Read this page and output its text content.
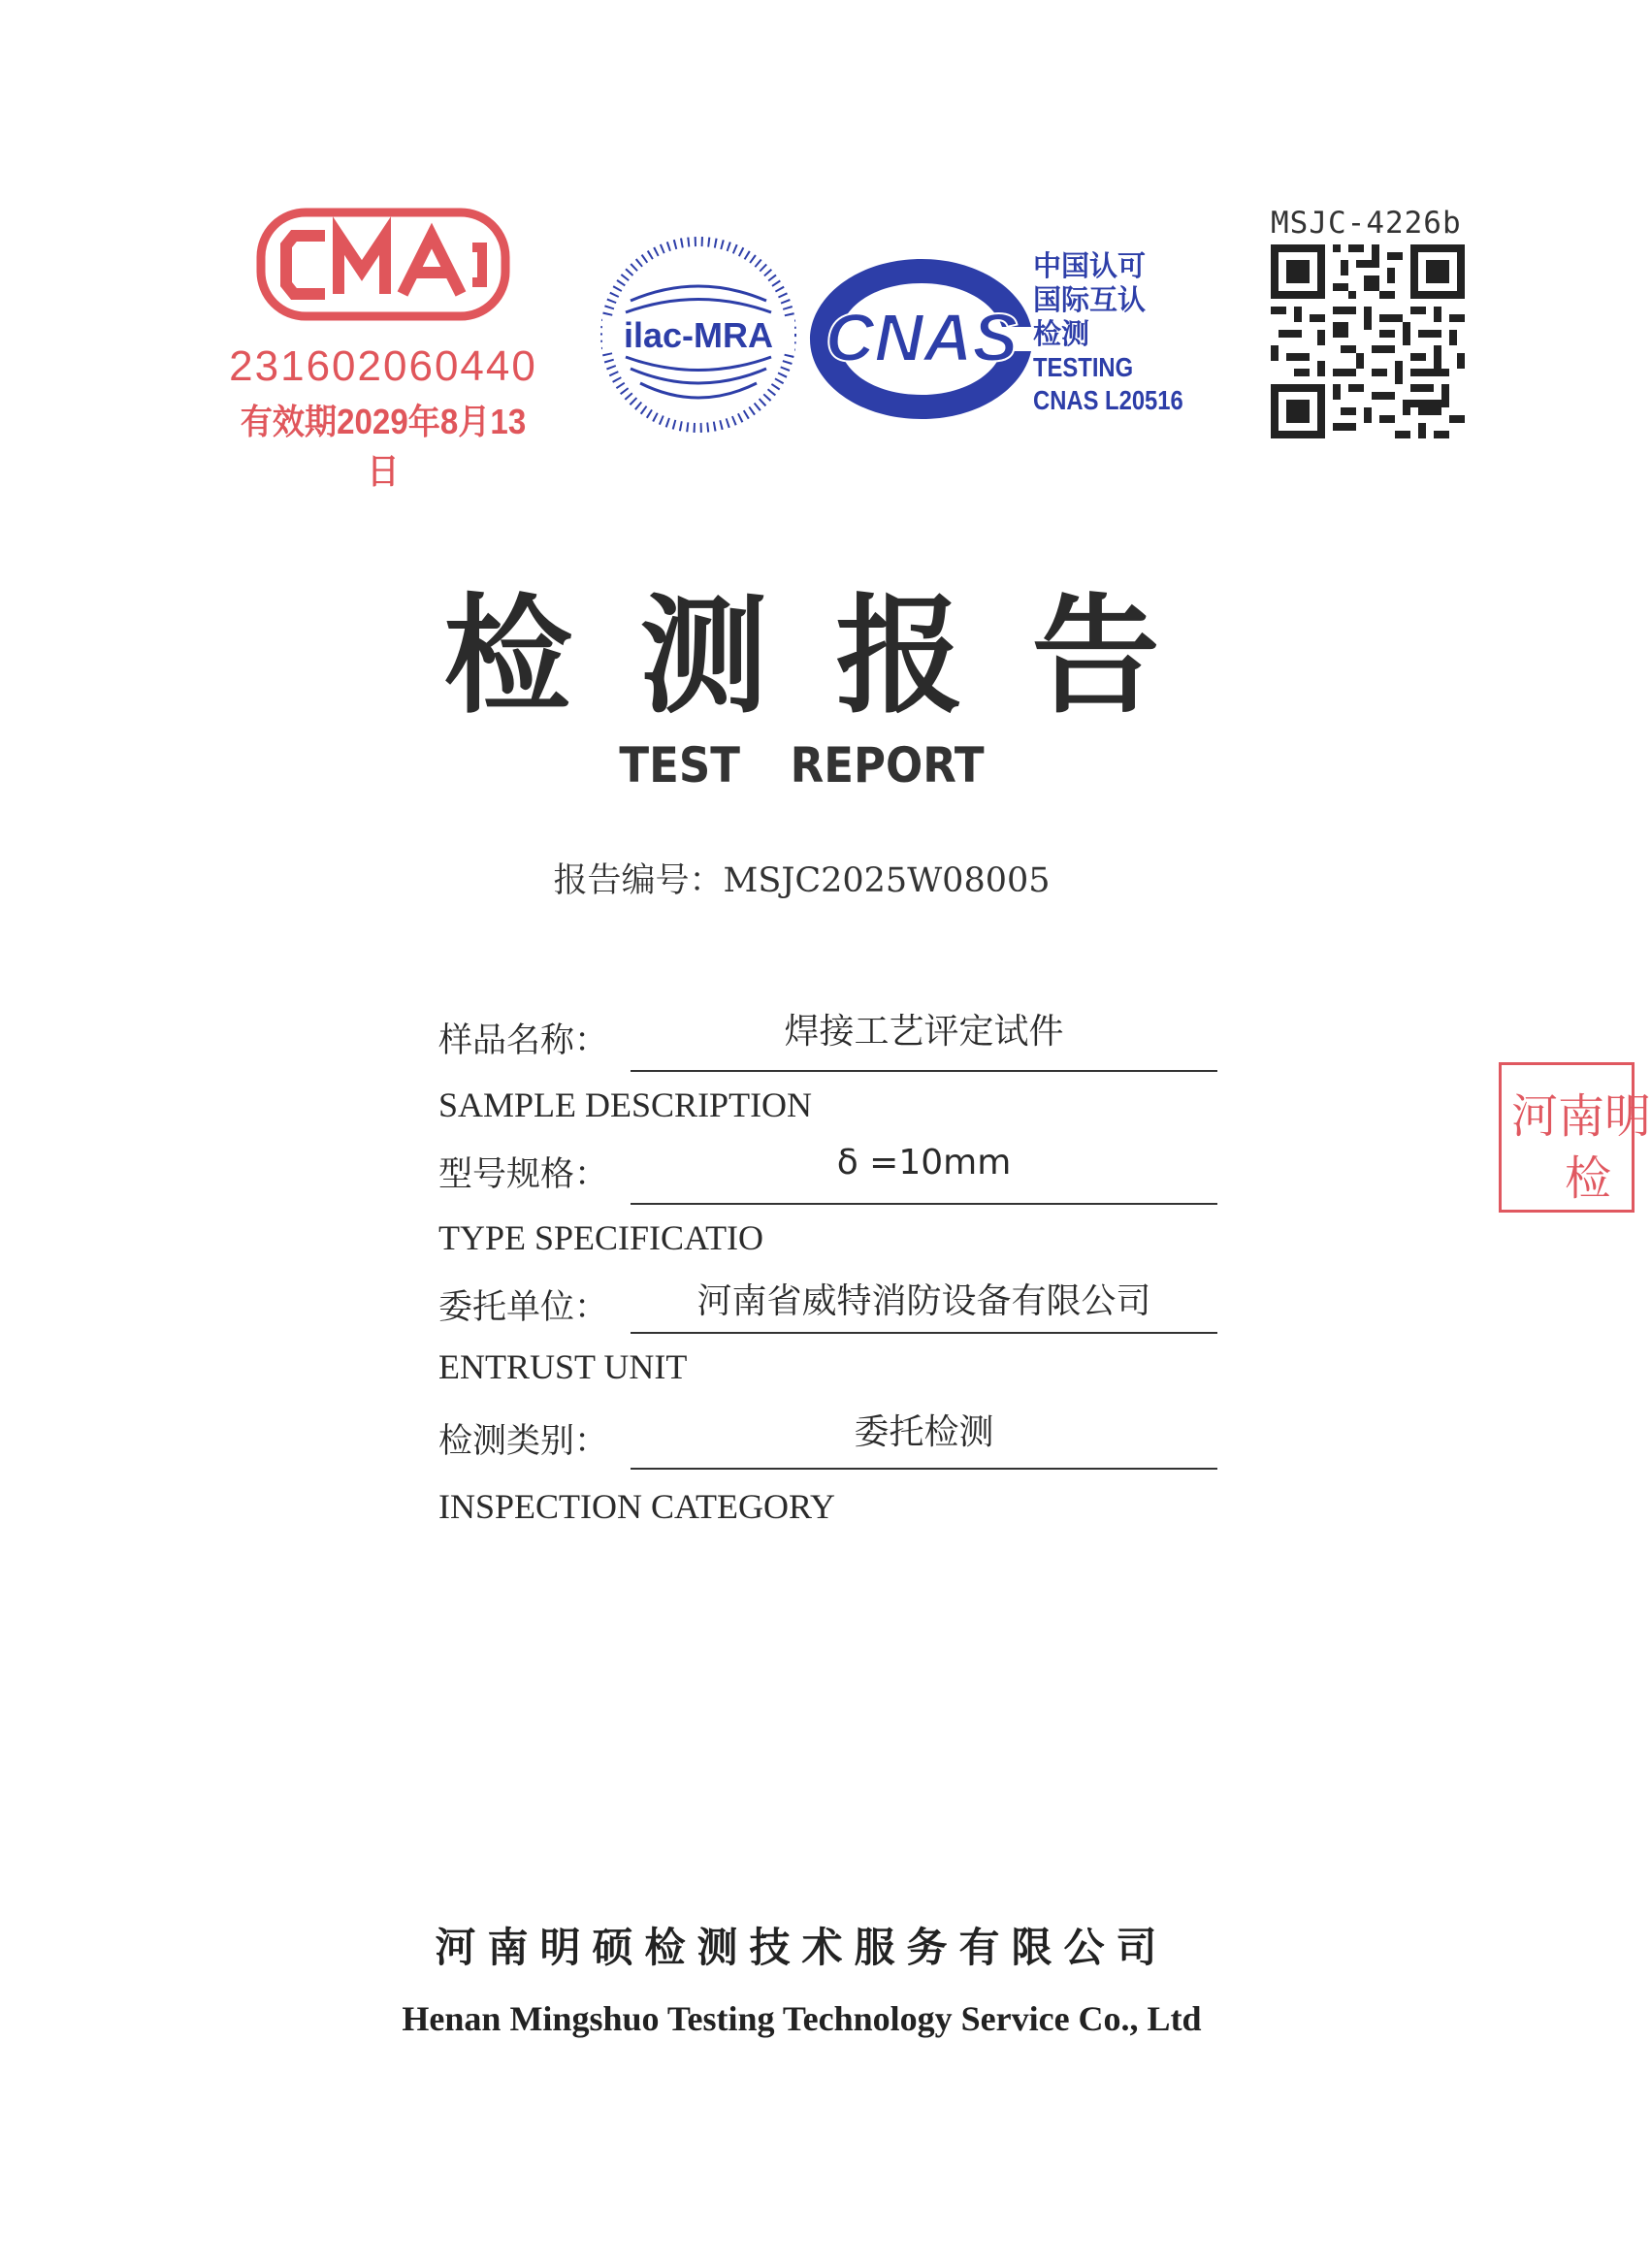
231602060440
有效期2029年8月13日
ilac-MRA CNAS
中国认可
国际互认
检测
TESTING
CNAS L20516
MSJC-4226b
检测报告
TEST REPORT
报告编号：MSJC2025W08005
样品名称：	焊接工艺评定试件
SAMPLE DESCRIPTION
型号规格：	δ =10mm
TYPE SPECIFICATIO
委托单位：	河南省威特消防设备有限公司
ENTRUST UNIT
检测类别：	委托检测
INSPECTION CATEGORY
河南明
检
河南明硕检测技术服务有限公司
Henan Mingshuo Testing Technology Service Co., Ltd
